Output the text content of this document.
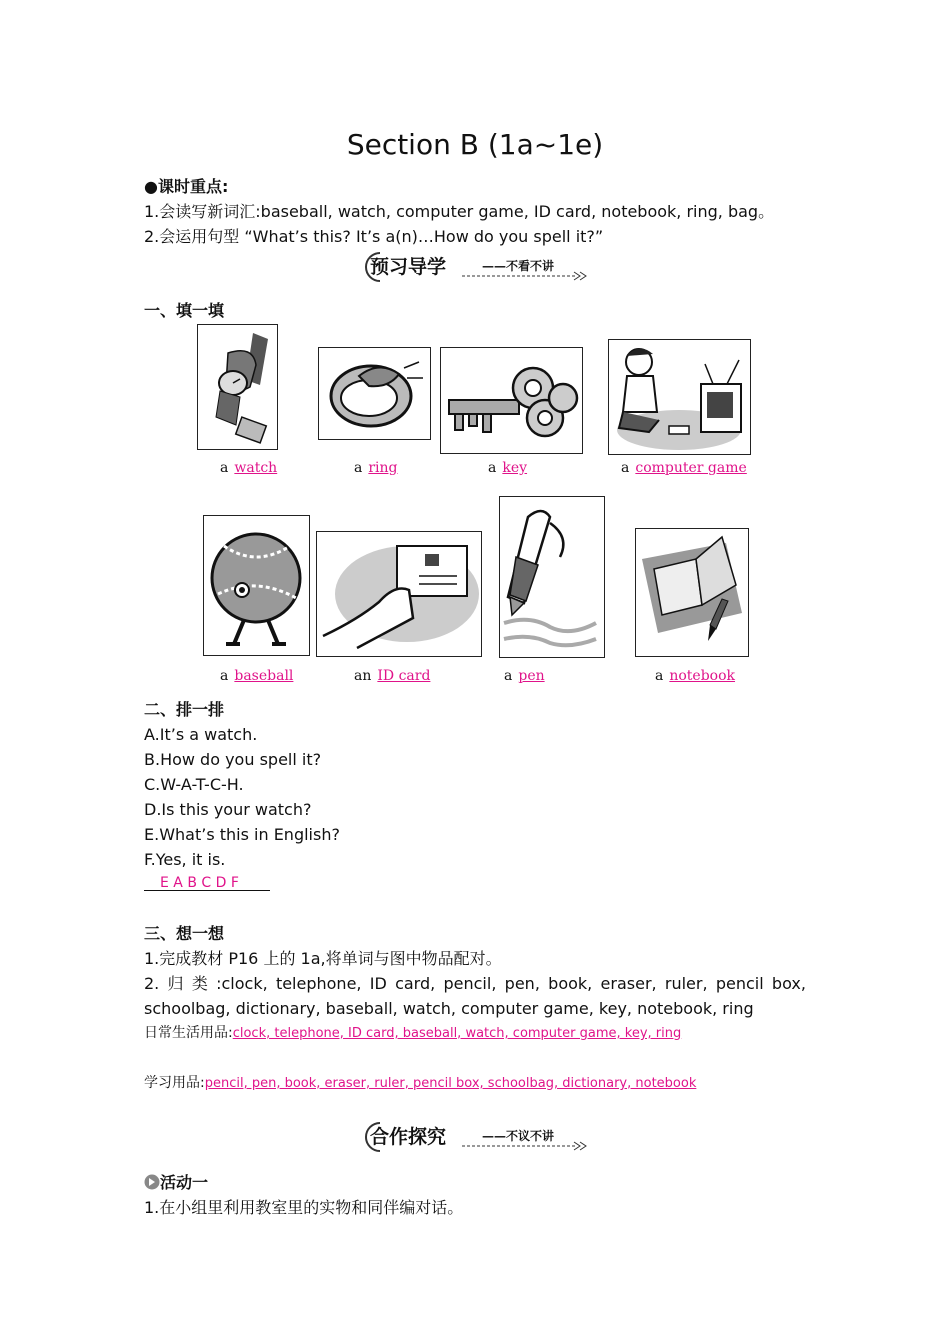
Section B (1a~1e)
●课时重点:
1.会读写新词汇:baseball, watch, computer game, ID card, notebook, ring, bag。
2.会运用句型 “What’s this? It’s a(n)…How do you spell it?”
预习导学	——不看不讲
一、填一填
a watch	a ring	a key	a computer game
a baseball	an ID card	a pen	a notebook
二、排一排
A.It’s a watch.
B.How do you spell it?
C.W-A-T-C-H.
D.Is this your watch?
E.What’s this in English?
F.Yes, it is.
E A B C D F
三、想一想
1.完成教材 P16 上的 1a,将单词与图中物品配对。
2. 归 类 :clock, telephone, ID card, pencil, pen, book, eraser, ruler, pencil box,
schoolbag, dictionary, baseball, watch, computer game, key, notebook, ring
日常生活用品:clock, telephone, ID card, baseball, watch, computer game, key, ring
学习用品:pencil, pen, book, eraser, ruler, pencil box, schoolbag, dictionary, notebook
合作探究	——不议不讲
活动一
1.在小组里利用教室里的实物和同伴编对话。
